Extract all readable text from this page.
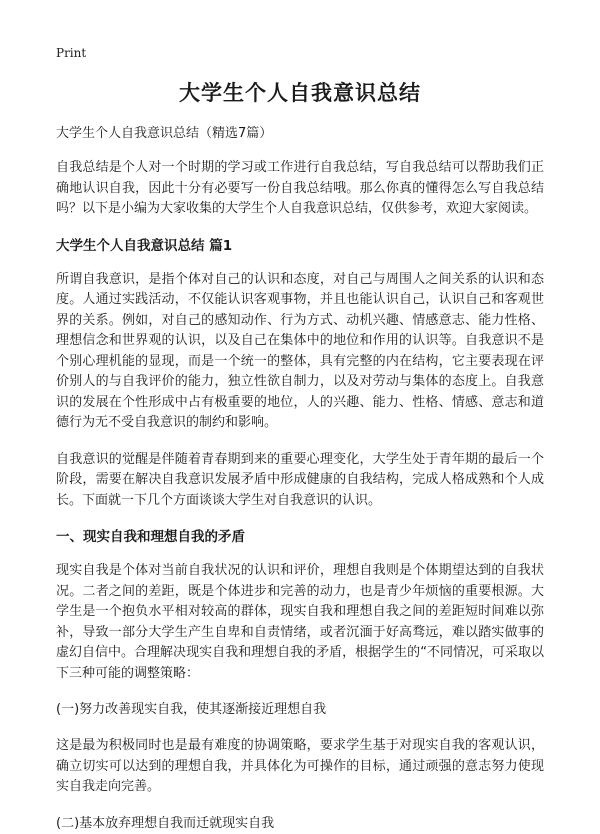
Print
大学生个人自我意识总结

大学生个人自我意识总结（精选7篇）

自我总结是个人对一个时期的学习或工作进行自我总结，写自我总结可以帮助我们正确地认识自我，因此十分有必要写一份自我总结哦。那么你真的懂得怎么写自我总结吗？以下是小编为大家收集的大学生个人自我意识总结，仅供参考，欢迎大家阅读。

大学生个人自我意识总结 篇1

所谓自我意识，是指个体对自己的认识和态度，对自己与周围人之间关系的认识和态度。人通过实践活动，不仅能认识客观事物，并且也能认识自己，认识自己和客观世界的关系。例如，对自己的感知动作、行为方式、动机兴趣、情感意志、能力性格、理想信念和世界观的认识，以及自己在集体中的地位和作用的认识等。自我意识不是个别心理机能的显现，而是一个统一的整体，具有完整的内在结构，它主要表现在评价别人的与自我评价的能力，独立性欲自制力，以及对劳动与集体的态度上。自我意识的发展在个性形成中占有极重要的地位，人的兴趣、能力、性格、情感、意志和道德行为无不受自我意识的制约和影响。

自我意识的觉醒是伴随着青春期到来的重要心理变化，大学生处于青年期的最后一个阶段，需要在解决自我意识发展矛盾中形成健康的自我结构，完成人格成熟和个人成长。下面就一下几个方面谈谈大学生对自我意识的认识。

一、现实自我和理想自我的矛盾

现实自我是个体对当前自我状况的认识和评价，理想自我则是个体期望达到的自我状况。二者之间的差距，既是个体进步和完善的动力，也是青少年烦恼的重要根源。大学生是一个抱负水平相对较高的群体，现实自我和理想自我之间的差距短时间难以弥补，导致一部分大学生产生自卑和自责情绪，或者沉湎于好高骛远，难以踏实做事的虚幻自信中。合理解决现实自我和理想自我的矛盾，根据学生的“不同情况，可采取以下三种可能的调整策略：

(一)努力改善现实自我，使其逐渐接近理想自我

这是最为积极同时也是最有难度的协调策略，要求学生基于对现实自我的客观认识，确立切实可以达到的理想自我，并具体化为可操作的目标，通过顽强的意志努力使现实自我走向完善。

(二)基本放弃理想自我而迁就现实自我
